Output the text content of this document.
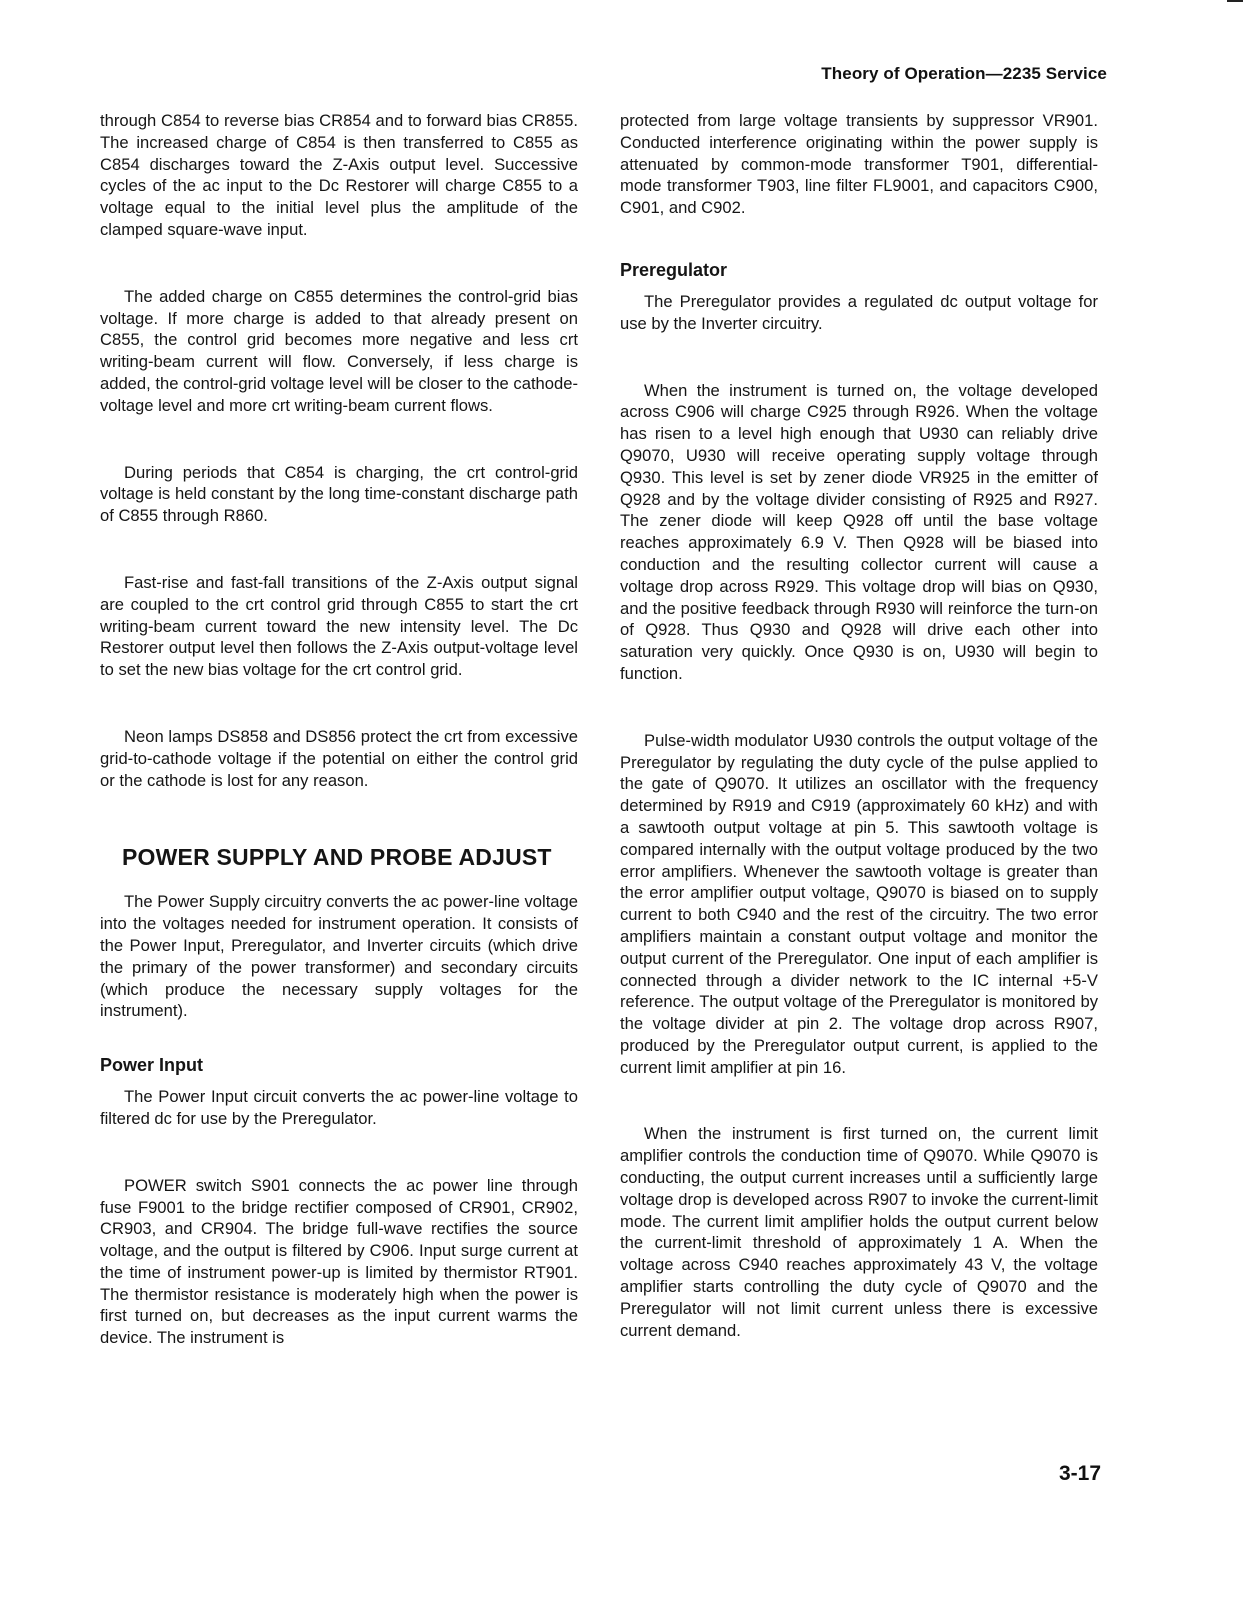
Theory of Operation—2235 Service

through C854 to reverse bias CR854 and to forward bias CR855. The increased charge of C854 is then transferred to C855 as C854 discharges toward the Z-Axis output level. Successive cycles of the ac input to the Dc Restorer will charge C855 to a voltage equal to the initial level plus the amplitude of the clamped square-wave input.

The added charge on C855 determines the control-grid bias voltage. If more charge is added to that already present on C855, the control grid becomes more negative and less crt writing-beam current will flow. Conversely, if less charge is added, the control-grid voltage level will be closer to the cathode-voltage level and more crt writing-beam current flows.

During periods that C854 is charging, the crt control-grid voltage is held constant by the long time-constant discharge path of C855 through R860.

Fast-rise and fast-fall transitions of the Z-Axis output signal are coupled to the crt control grid through C855 to start the crt writing-beam current toward the new intensity level. The Dc Restorer output level then follows the Z-Axis output-voltage level to set the new bias voltage for the crt control grid.

Neon lamps DS858 and DS856 protect the crt from excessive grid-to-cathode voltage if the potential on either the control grid or the cathode is lost for any reason.

POWER SUPPLY AND PROBE ADJUST

The Power Supply circuitry converts the ac power-line voltage into the voltages needed for instrument operation. It consists of the Power Input, Preregulator, and Inverter circuits (which drive the primary of the power transformer) and secondary circuits (which produce the necessary supply voltages for the instrument).

Power Input

The Power Input circuit converts the ac power-line voltage to filtered dc for use by the Preregulator.

POWER switch S901 connects the ac power line through fuse F9001 to the bridge rectifier composed of CR901, CR902, CR903, and CR904. The bridge full-wave rectifies the source voltage, and the output is filtered by C906. Input surge current at the time of instrument power-up is limited by thermistor RT901. The thermistor resistance is moderately high when the power is first turned on, but decreases as the input current warms the device. The instrument is

protected from large voltage transients by suppressor VR901. Conducted interference originating within the power supply is attenuated by common-mode transformer T901, differential-mode transformer T903, line filter FL9001, and capacitors C900, C901, and C902.

Preregulator

The Preregulator provides a regulated dc output voltage for use by the Inverter circuitry.

When the instrument is turned on, the voltage developed across C906 will charge C925 through R926. When the voltage has risen to a level high enough that U930 can reliably drive Q9070, U930 will receive operating supply voltage through Q930. This level is set by zener diode VR925 in the emitter of Q928 and by the voltage divider consisting of R925 and R927. The zener diode will keep Q928 off until the base voltage reaches approximately 6.9 V. Then Q928 will be biased into conduction and the resulting collector current will cause a voltage drop across R929. This voltage drop will bias on Q930, and the positive feedback through R930 will reinforce the turn-on of Q928. Thus Q930 and Q928 will drive each other into saturation very quickly. Once Q930 is on, U930 will begin to function.

Pulse-width modulator U930 controls the output voltage of the Preregulator by regulating the duty cycle of the pulse applied to the gate of Q9070. It utilizes an oscillator with the frequency determined by R919 and C919 (approximately 60 kHz) and with a sawtooth output voltage at pin 5. This sawtooth voltage is compared internally with the output voltage produced by the two error amplifiers. Whenever the sawtooth voltage is greater than the error amplifier output voltage, Q9070 is biased on to supply current to both C940 and the rest of the circuitry. The two error amplifiers maintain a constant output voltage and monitor the output current of the Preregulator. One input of each amplifier is connected through a divider network to the IC internal +5-V reference. The output voltage of the Preregulator is monitored by the voltage divider at pin 2. The voltage drop across R907, produced by the Preregulator output current, is applied to the current limit amplifier at pin 16.

When the instrument is first turned on, the current limit amplifier controls the conduction time of Q9070. While Q9070 is conducting, the output current increases until a sufficiently large voltage drop is developed across R907 to invoke the current-limit mode. The current limit amplifier holds the output current below the current-limit threshold of approximately 1 A. When the voltage across C940 reaches approximately 43 V, the voltage amplifier starts controlling the duty cycle of Q9070 and the Preregulator will not limit current unless there is excessive current demand.

3-17
